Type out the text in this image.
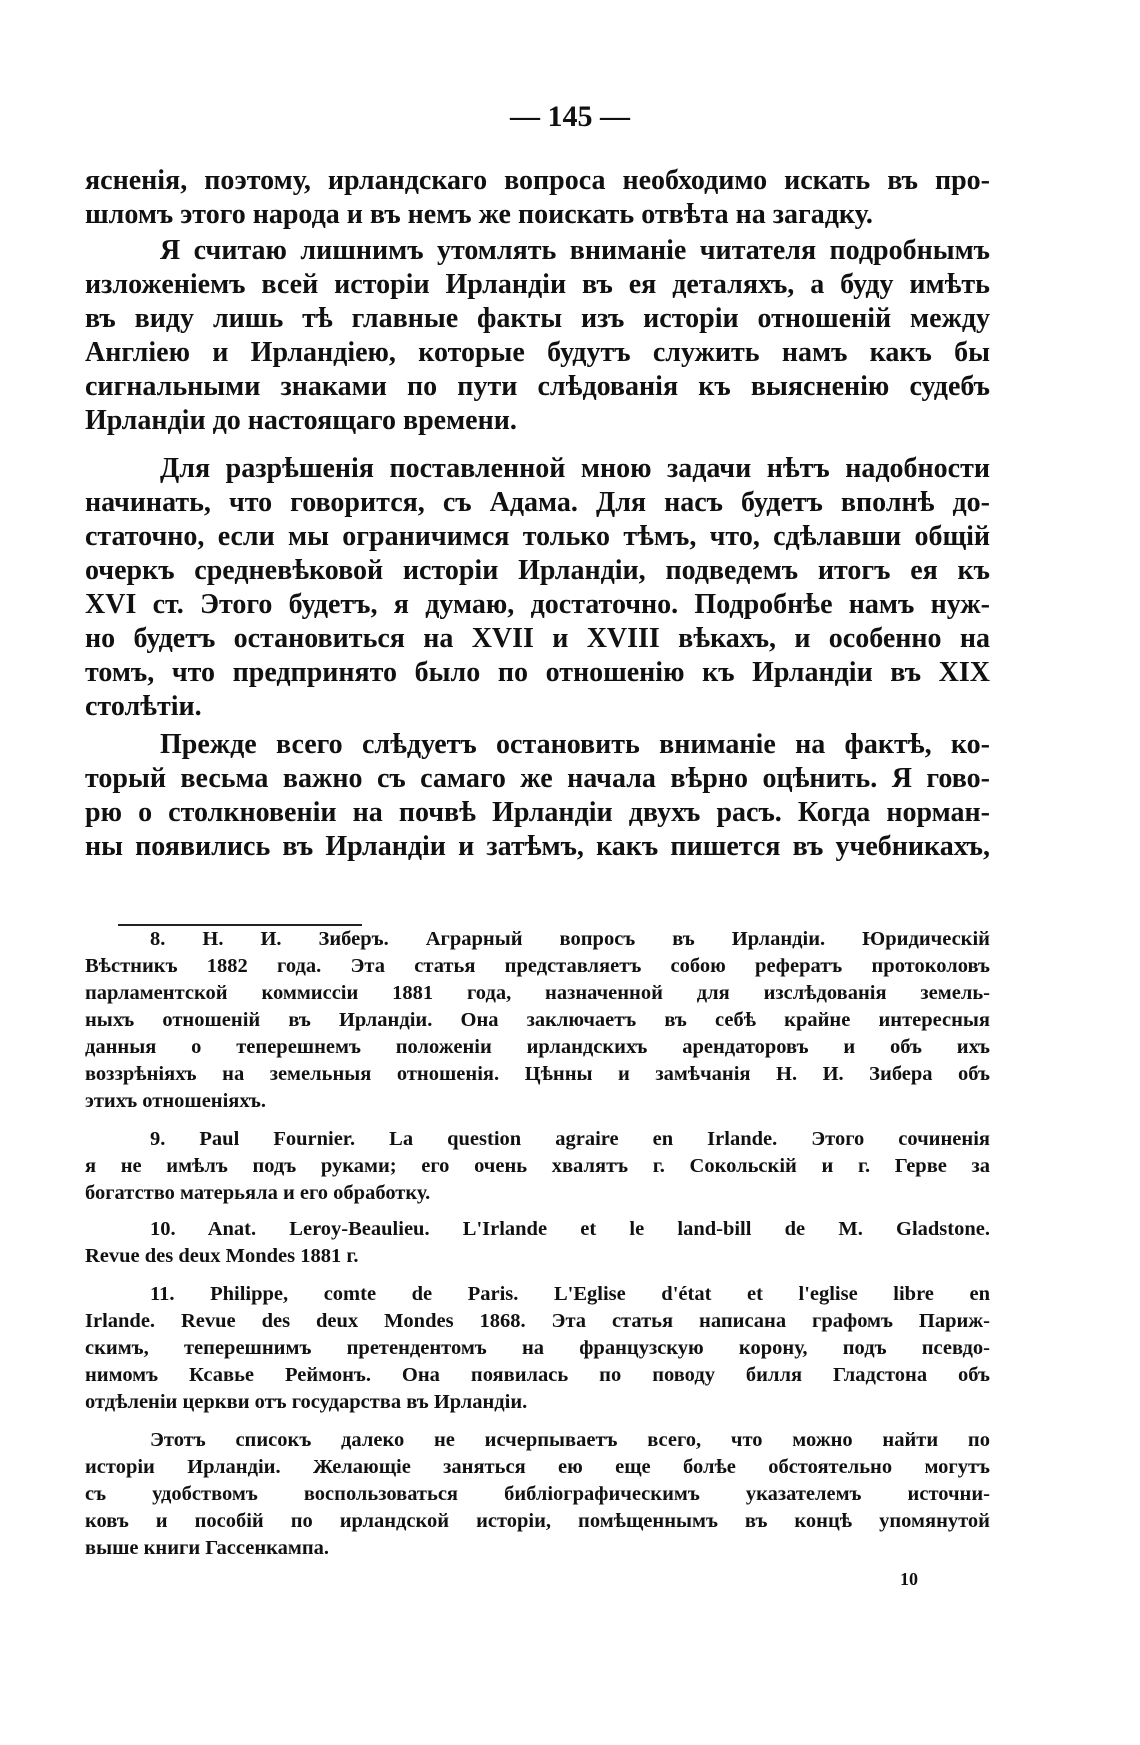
— 145 —
ясненія, поэтому, ирландскаго вопроса необходимо искать въ про-
шломъ этого народа и въ немъ же поискать отвѣта на загадку.
Я считаю лишнимъ утомлять вниманіе читателя подробнымъ
изложеніемъ всей исторіи Ирландіи въ ея деталяхъ, а буду имѣть
въ виду лишь тѣ главные факты изъ исторіи отношеній между
Англіею и Ирландіею, которые будутъ служить намъ какъ бы
сигнальными знаками по пути слѣдованія къ выясненію судебъ
Ирландіи до настоящаго времени.
Для разрѣшенія поставленной мною задачи нѣтъ надобности
начинать, что говорится, съ Адама. Для насъ будетъ вполнѣ до-
статочно, если мы ограничимся только тѣмъ, что, сдѣлавши общій
очеркъ средневѣковой исторіи Ирландіи, подведемъ итогъ ея къ
XVI ст. Этого будетъ, я думаю, достаточно. Подробнѣе намъ нуж-
но будетъ остановиться на XVII и XVIII вѣкахъ, и особенно на
томъ, что предпринято было по отношенію къ Ирландіи въ XIX
столѣтіи.
Прежде всего слѣдуетъ остановить вниманіе на фактѣ, ко-
торый весьма важно съ самаго же начала вѣрно оцѣнить. Я гово-
рю о столкновеніи на почвѣ Ирландіи двухъ расъ. Когда норман-
ны появились въ Ирландіи и затѣмъ, какъ пишется въ учебникахъ,
8. Н. И. Зиберъ. Аграрный вопросъ въ Ирландіи. Юридическій
Вѣстникъ 1882 года. Эта статья представляетъ собою рефератъ протоколовъ
парламентской коммиссіи 1881 года, назначенной для изслѣдованія земель-
ныхъ отношеній въ Ирландіи. Она заключаетъ въ себѣ крайне интересныя
данныя о теперешнемъ положеніи ирландскихъ арендаторовъ и объ ихъ
воззрѣніяхъ на земельныя отношенія. Цѣнны и замѣчанія Н. И. Зибера объ
этихъ отношеніяхъ.
9. Paul Fournier. La question agraire en Irlande. Этого сочиненія
я не имѣлъ подъ руками; его очень хвалятъ г. Сокольскій и г. Герве за
богатство матерьяла и его обработку.
10. Anat. Leroy-Beaulieu. L'Irlande et le land-bill de M. Gladstone.
Revue des deux Mondes 1881 г.
11. Philippe, comte de Paris. L'Eglise d'état et l'eglise libre en
Irlande. Revue des deux Mondes 1868. Эта статья написана графомъ Париж-
скимъ, теперешнимъ претендентомъ на французскую корону, подъ псевдо-
нимомъ Ксавье Реймонъ. Она появилась по поводу билля Гладстона объ
отдѣленіи церкви отъ государства въ Ирландіи.
Этотъ списокъ далеко не исчерпываетъ всего, что можно найти по
исторіи Ирландіи. Желающіе заняться ею еще болѣе обстоятельно могутъ
съ удобствомъ воспользоваться библіографическимъ указателемъ источни-
ковъ и пособій по ирландской исторіи, помѣщеннымъ въ концѣ упомянутой
выше книги Гассенкампа.
10
